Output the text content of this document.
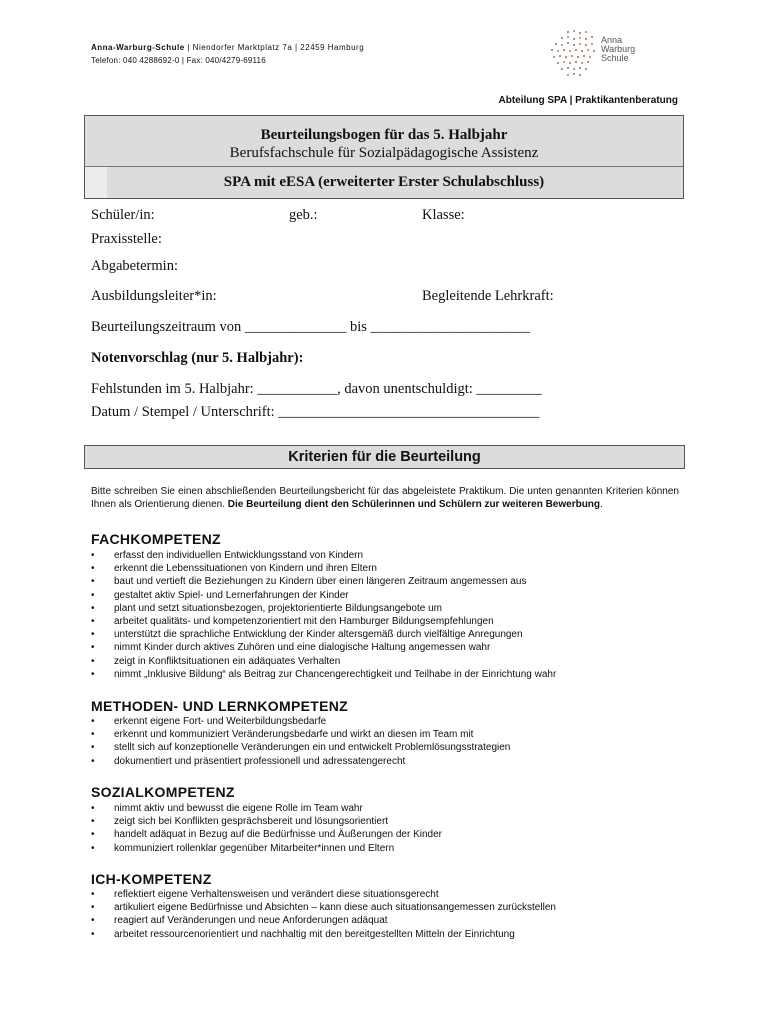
Anna-Warburg-Schule | Niendorfer Marktplatz 7a | 22459 Hamburg
Telefon: 040 4288692-0 | Fax: 040/4279-69116
Anna
Warburg
Schule
Abteilung SPA | Praktikantenberatung
Beurteilungsbogen für das 5. Halbjahr
Berufsfachschule für Sozialpädagogische Assistenz
SPA mit eESA (erweiterter Erster Schulabschluss)
Schüler/in:	geb.:	Klasse:
Praxisstelle:
Abgabetermin:
Ausbildungsleiter*in:	Begleitende Lehrkraft:
Beurteilungszeitraum von ______________ bis ______________________
Notenvorschlag (nur 5. Halbjahr):
Fehlstunden im 5. Halbjahr: ___________, davon unentschuldigt: _________
Datum / Stempel / Unterschrift: ____________________________________
Kriterien für die Beurteilung
Bitte schreiben Sie einen abschließenden Beurteilungsbericht für das abgeleistete Praktikum. Die unten genannten Kriterien können Ihnen als Orientierung dienen. Die Beurteilung dient den Schülerinnen und Schülern zur weiteren Bewerbung.
FACHKOMPETENZ
• erfasst den individuellen Entwicklungsstand von Kindern
• erkennt die Lebenssituationen von Kindern und ihren Eltern
• baut und vertieft die Beziehungen zu Kindern über einen längeren Zeitraum angemessen aus
• gestaltet aktiv Spiel- und Lernerfahrungen der Kinder
• plant und setzt situationsbezogen, projektorientierte Bildungsangebote um
• arbeitet qualitäts- und kompetenzorientiert mit den Hamburger Bildungsempfehlungen
• unterstützt die sprachliche Entwicklung der Kinder altersgemäß durch vielfältige Anregungen
• nimmt Kinder durch aktives Zuhören und eine dialogische Haltung angemessen wahr
• zeigt in Konfliktsituationen ein adäquates Verhalten
• nimmt „Inklusive Bildung“ als Beitrag zur Chancengerechtigkeit und Teilhabe in der Einrichtung wahr
METHODEN- UND LERNKOMPETENZ
• erkennt eigene Fort- und Weiterbildungsbedarfe
• erkennt und kommuniziert Veränderungsbedarfe und wirkt an diesen im Team mit
• stellt sich auf konzeptionelle Veränderungen ein und entwickelt Problemlösungsstrategien
• dokumentiert und präsentiert professionell und adressatengerecht
SOZIALKOMPETENZ
• nimmt aktiv und bewusst die eigene Rolle im Team wahr
• zeigt sich bei Konflikten gesprächsbereit und lösungsorientiert
• handelt adäquat in Bezug auf die Bedürfnisse und Äußerungen der Kinder
• kommuniziert rollenklar gegenüber Mitarbeiter*innen und Eltern
ICH-KOMPETENZ
• reflektiert eigene Verhaltensweisen und verändert diese situationsgerecht
• artikuliert eigene Bedürfnisse und Absichten – kann diese auch situationsangemessen zurückstellen
• reagiert auf Veränderungen und neue Anforderungen adäquat
• arbeitet ressourcenorientiert und nachhaltig mit den bereitgestellten Mitteln der Einrichtung
